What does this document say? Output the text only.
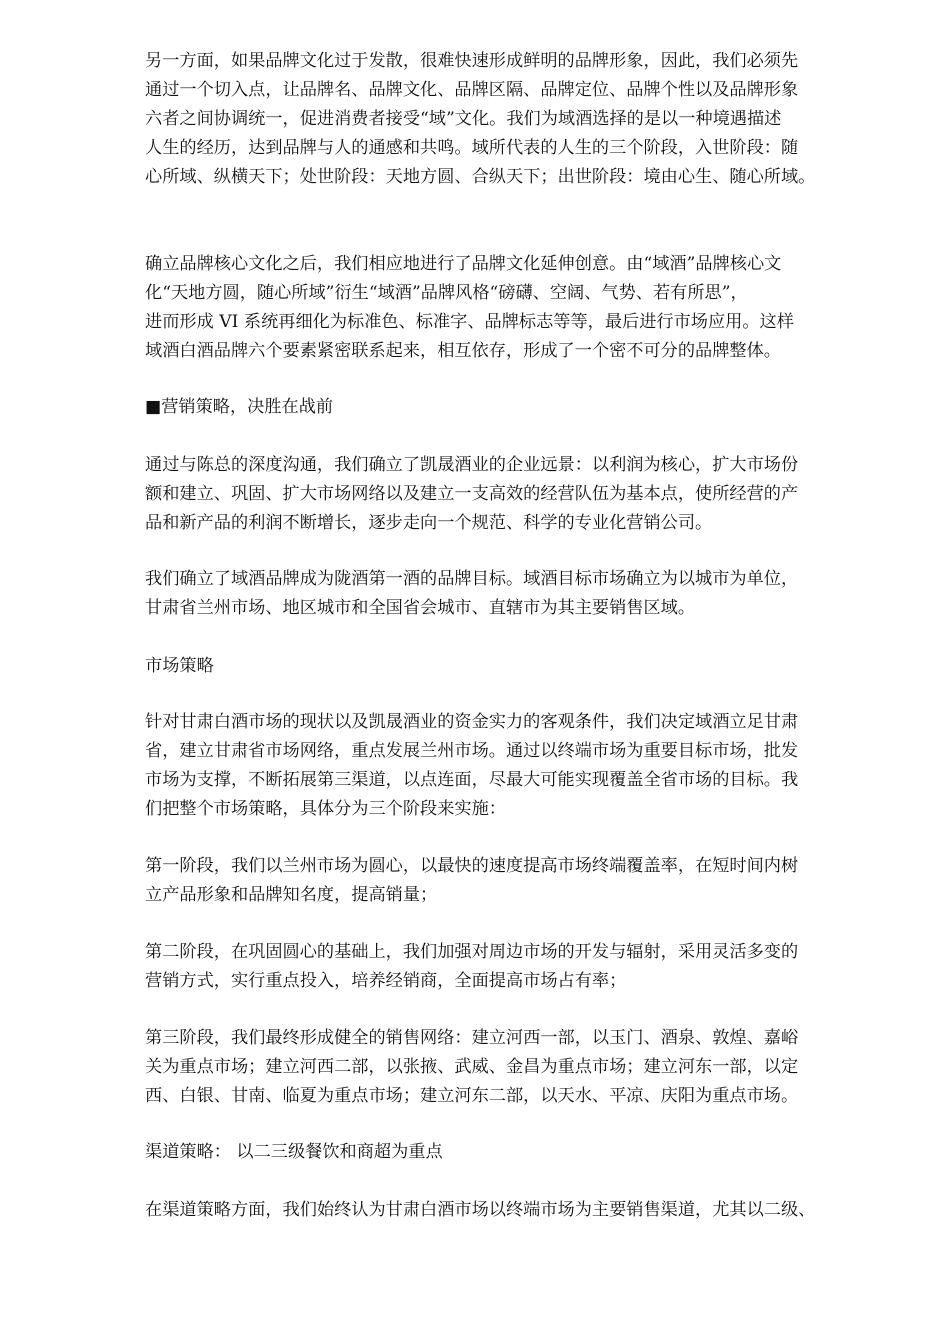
另一方面，如果品牌文化过于发散，很难快速形成鲜明的品牌形象，因此，我们必须先
通过一个切入点，让品牌名、品牌文化、品牌区隔、品牌定位、品牌个性以及品牌形象
六者之间协调统一，促进消费者接受“域”文化。我们为域酒选择的是以一种境遇描述
人生的经历，达到品牌与人的通感和共鸣。域所代表的人生的三个阶段，入世阶段：随
心所域、纵横天下；处世阶段：天地方圆、合纵天下；出世阶段：境由心生、随心所域。

确立品牌核心文化之后，我们相应地进行了品牌文化延伸创意。由“域酒”品牌核心文
化“天地方圆，随心所域”衍生“域酒”品牌风格“磅礴、空阔、气势、若有所思”，
进而形成 VI 系统再细化为标准色、标准字、品牌标志等等，最后进行市场应用。这样
域酒白酒品牌六个要素紧密联系起来，相互依存，形成了一个密不可分的品牌整体。

■营销策略，决胜在战前

通过与陈总的深度沟通，我们确立了凯晟酒业的企业远景：以利润为核心，扩大市场份
额和建立、巩固、扩大市场网络以及建立一支高效的经营队伍为基本点，使所经营的产
品和新产品的利润不断增长，逐步走向一个规范、科学的专业化营销公司。

我们确立了域酒品牌成为陇酒第一酒的品牌目标。域酒目标市场确立为以城市为单位，
甘肃省兰州市场、地区城市和全国省会城市、直辖市为其主要销售区域。

市场策略

针对甘肃白酒市场的现状以及凯晟酒业的资金实力的客观条件，我们决定域酒立足甘肃
省，建立甘肃省市场网络，重点发展兰州市场。通过以终端市场为重要目标市场，批发
市场为支撑，不断拓展第三渠道，以点连面，尽最大可能实现覆盖全省市场的目标。我
们把整个市场策略，具体分为三个阶段来实施：

第一阶段，我们以兰州市场为圆心，以最快的速度提高市场终端覆盖率，在短时间内树
立产品形象和品牌知名度，提高销量；

第二阶段，在巩固圆心的基础上，我们加强对周边市场的开发与辐射，采用灵活多变的
营销方式，实行重点投入，培养经销商，全面提高市场占有率；

第三阶段，我们最终形成健全的销售网络：建立河西一部，以玉门、酒泉、敦煌、嘉峪
关为重点市场；建立河西二部，以张掖、武威、金昌为重点市场；建立河东一部，以定
西、白银、甘南、临夏为重点市场；建立河东二部，以天水、平凉、庆阳为重点市场。

渠道策略： 以二三级餐饮和商超为重点

在渠道策略方面，我们始终认为甘肃白酒市场以终端市场为主要销售渠道，尤其以二级、
